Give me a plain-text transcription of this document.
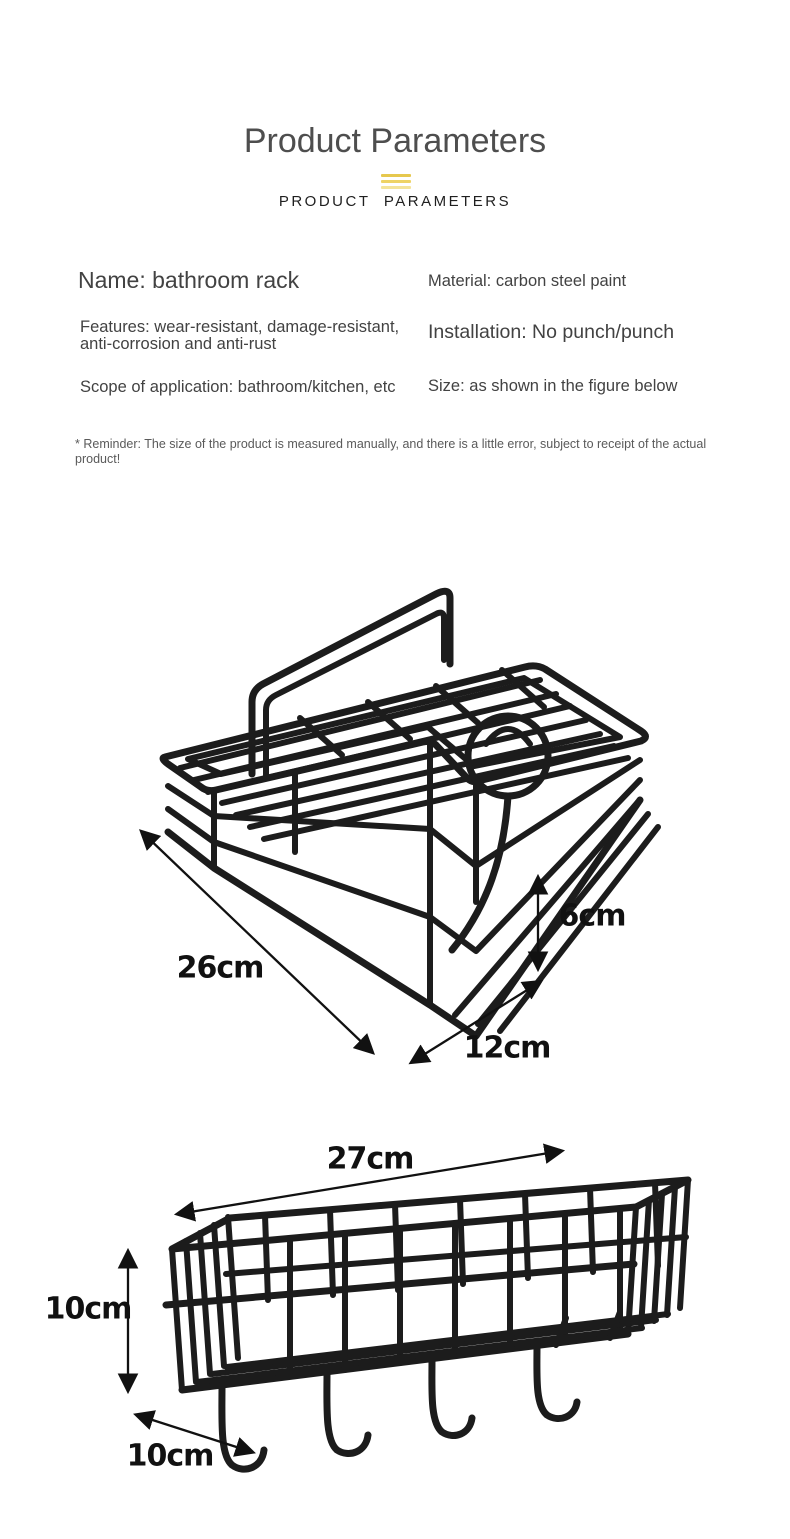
Product Parameters
PRODUCT PARAMETERS
Name: bathroom rack
Features: wear-resistant, damage-resistant, anti-corrosion and anti-rust
Scope of application: bathroom/kitchen, etc
Material: carbon steel paint
Installation: No punch/punch
Size: as shown in the figure below
* Reminder: The size of the product is measured manually, and there is a little error, subject to receipt of the actual product!
26cm
6cm
12cm
27cm
10cm
10cm
